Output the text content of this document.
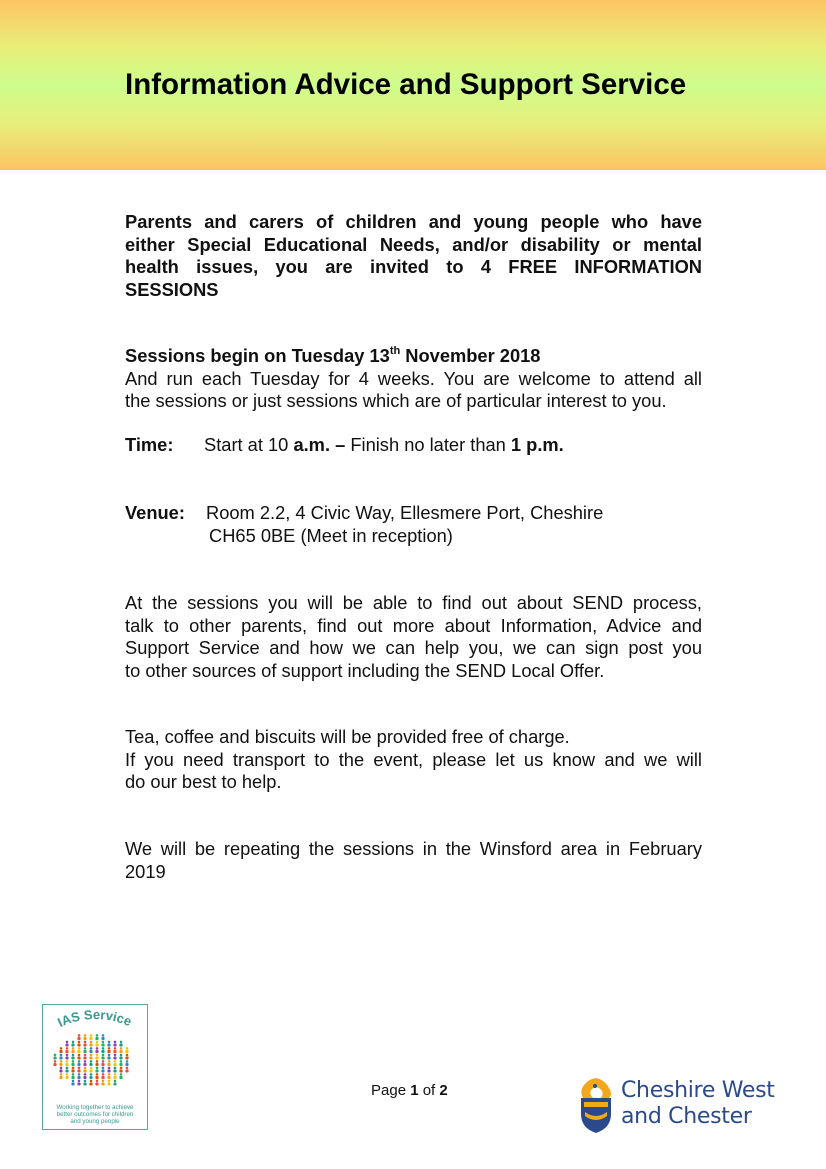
Information Advice and Support Service
Parents and carers of children and young people who have
either Special Educational Needs, and/or disability or mental
health issues, you are invited to 4 FREE INFORMATION
SESSIONS
Sessions begin on Tuesday 13th November 2018
And run each Tuesday for 4 weeks. You are welcome to attend all
the sessions or just sessions which are of particular interest to you.
Time: Start at 10 a.m. – Finish no later than 1 p.m.
Venue: Room 2.2, 4 Civic Way, Ellesmere Port, Cheshire
CH65 0BE (Meet in reception)
At the sessions you will be able to find out about SEND process,
talk to other parents, find out more about Information, Advice and
Support Service and how we can help you, we can sign post you
to other sources of support including the SEND Local Offer.
Tea, coffee and biscuits will be provided free of charge.
If you need transport to the event, please let us know and we will
do our best to help.
We will be repeating the sessions in the Winsford area in February
2019
IAS Service
Working together to achieve
better outcomes for children
and young people
Page 1 of 2	Cheshire West
and Chester
